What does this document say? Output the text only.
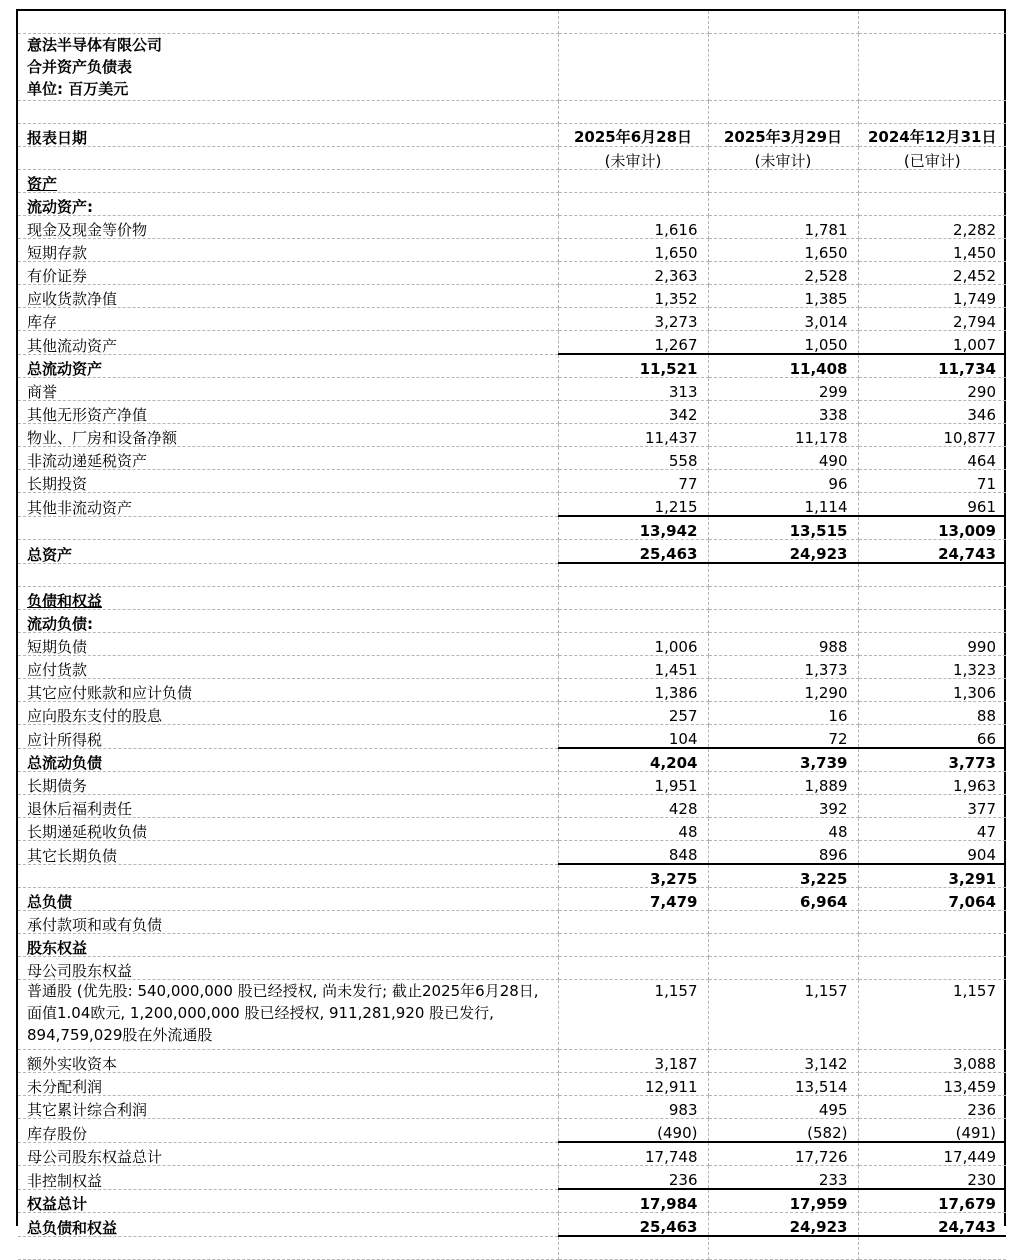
意法半导体有限公司
合并资产负债表
单位: 百万美元			

报表日期	2025年6月28日	2025年3月29日	2024年12月31日

	(未审计)	(未审计)	(已审计)
资产			
流动资产:			
现金及现金等价物	1,616	1,781	2,282
短期存款	1,650	1,650	1,450
有价证券	2,363	2,528	2,452
应收货款净值	1,352	1,385	1,749
库存	3,273	3,014	2,794
其他流动资产	1,267	1,050	1,007
总流动资产	11,521	11,408	11,734
商誉	313	299	290
其他无形资产净值	342	338	346
物业、厂房和设备净额	11,437	11,178	10,877
非流动递延税资产	558	490	464
长期投资	77	96	71
其他非流动资产	1,215	1,114	961
	13,942	13,515	13,009
总资产	25,463	24,923	24,743

负债和权益			
流动负债:			
短期负债	1,006	988	990
应付货款	1,451	1,373	1,323
其它应付账款和应计负债	1,386	1,290	1,306
应向股东支付的股息	257	16	88
应计所得税	104	72	66
总流动负债	4,204	3,739	3,773
长期债务	1,951	1,889	1,963
退休后福利责任	428	392	377
长期递延税收负债	48	48	47
其它长期负债	848	896	904
	3,275	3,225	3,291
总负债	7,479	6,964	7,064
承付款项和或有负债			
股东权益			
母公司股东权益			
普通股 (优先股: 540,000,000 股已经授权, 尚未发行; 截止2025年6月28日, 面值1.04欧元, 1,200,000,000 股已经授权, 911,281,920 股已发行, 894,759,029股在外流通股	1,157	1,157	1,157
额外实收资本	3,187	3,142	3,088
未分配利润	12,911	13,514	13,459
其它累计综合利润	983	495	236
库存股份	(490)	(582)	(491)
母公司股东权益总计	17,748	17,726	17,449
非控制权益	236	233	230
权益总计	17,984	17,959	17,679
总负债和权益	25,463	24,923	24,743
